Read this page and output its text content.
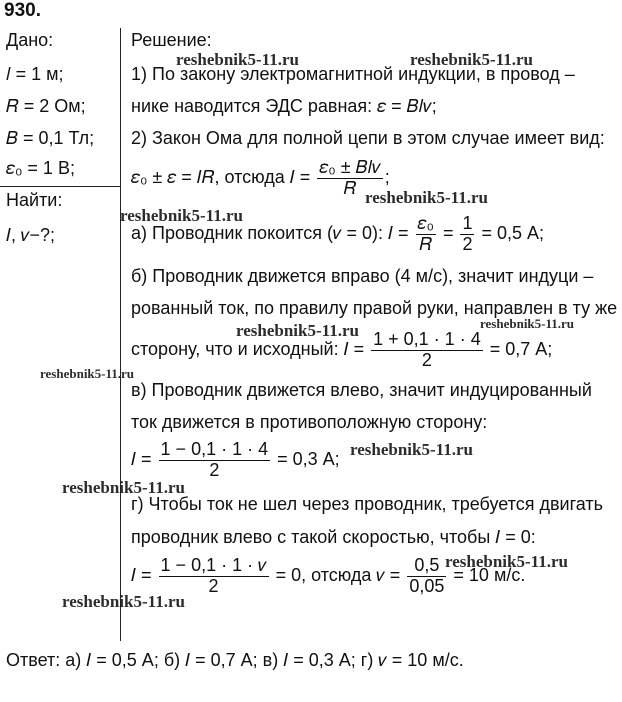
930.
Дано:
𝑙 = 1 м;
𝑅 = 2 Ом;
𝐵 = 0,1 Тл;
𝜀₀ = 1 В;
Найти:
𝐼, 𝑣−?;
Решение:
1) По закону электромагнитной индукции, в провод –
нике наводится ЭДС равная: 𝜀 = 𝐵𝑙𝑣;
2) Закон Ома для полной цепи в этом случае имеет вид:
𝜀₀ ± 𝜀 = 𝐼𝑅, отсюда 𝐼 = $\frac{\text{𝜀₀ ± 𝐵𝑙𝑣}}{\text{𝑅}}$ ;
а) Проводник покоится (𝑣 = 0): 𝐼 = $\frac{\text{𝜀₀}}{\text{𝑅}} = \frac{1}{2} = 0,5$ А;
б) Проводник движется вправо (4 м/с), значит индуци –
рованный ток, по правилу правой руки, направлен в ту же
сторону, что и исходный: 𝐼 = $\frac{1 + 0,1 \cdot 1 \cdot 4}{2} = 0,7$ А;
в) Проводник движется влево, значит индуцированный
ток движется в противоположную сторону:
𝐼 = $\frac{1 - 0,1 \cdot 1 \cdot 4}{2} = 0,3$ А;
г) Чтобы ток не шел через проводник, требуется двигать
проводник влево с такой скоростью, чтобы 𝐼 = 0:
𝐼 = $\frac{\text{1 − 0,1 · 1 · 𝑣}}{2} = 0$, отсюда 𝑣 = $\frac{0,5}{0,05} = 10$ м/с.
Ответ: а) 𝐼 = 0,5 А; б) 𝐼 = 0,7 А; в) 𝐼 = 0,3 А; г) 𝑣 = 10 м/с.
reshebnik5-11.ru	reshebnik5-11.ru
reshebnik5-11.ru
reshebnik5-11.ru
reshebnik5-11.ru	reshebnik5-11.ru
reshebnik5-11.ru
reshebnik5-11.ru
reshebnik5-11.ru
reshebnik5-11.ru
reshebnik5-11.ru
